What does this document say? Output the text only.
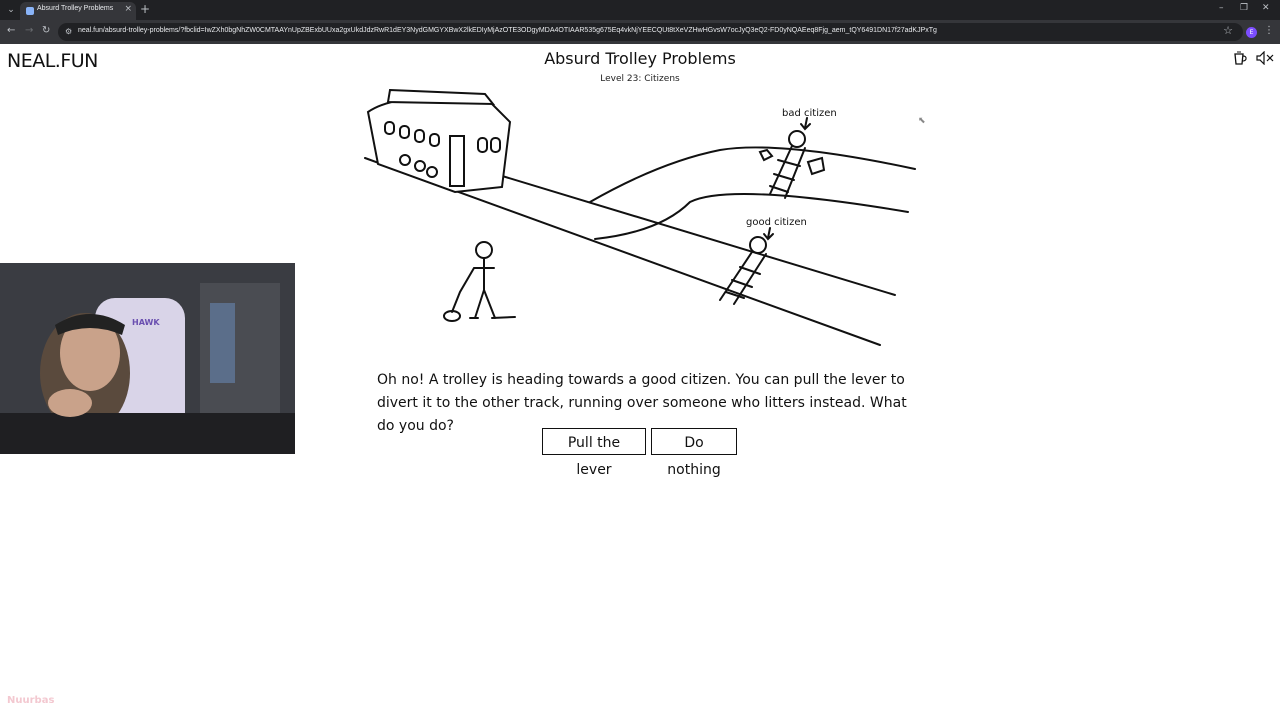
⌄	Absurd Trolley Problems × +	– ❐ ✕
← → ↻ ⚙ neal.fun/absurd-trolley-problems/?fbclid=IwZXh0bgNhZW0CMTAAYnUpZBExbUUxa2gxUkdJdzRwR1dEY3NydGMGYXBwX2lkEDIyMjAzOTE3ODgyMDA4OTIAAR535g675Eq4vkNjYEECQUt8tXeVZHwHGvsW7ocJyQ3eQ2-FD0yNQAEeq8Fjg_aem_tQY6491DN17f27adKJPxTg	☆	E	⋮
NEAL.FUN	Absurd Trolley Problems
Level 23: Citizens
bad citizen
good citizen
Oh no! A trolley is heading towards a good citizen. You can pull the lever to divert it to the other track, running over someone who litters instead. What do you do?
Pull the lever
Do nothing
⬉
HAWK
Nuurbas
